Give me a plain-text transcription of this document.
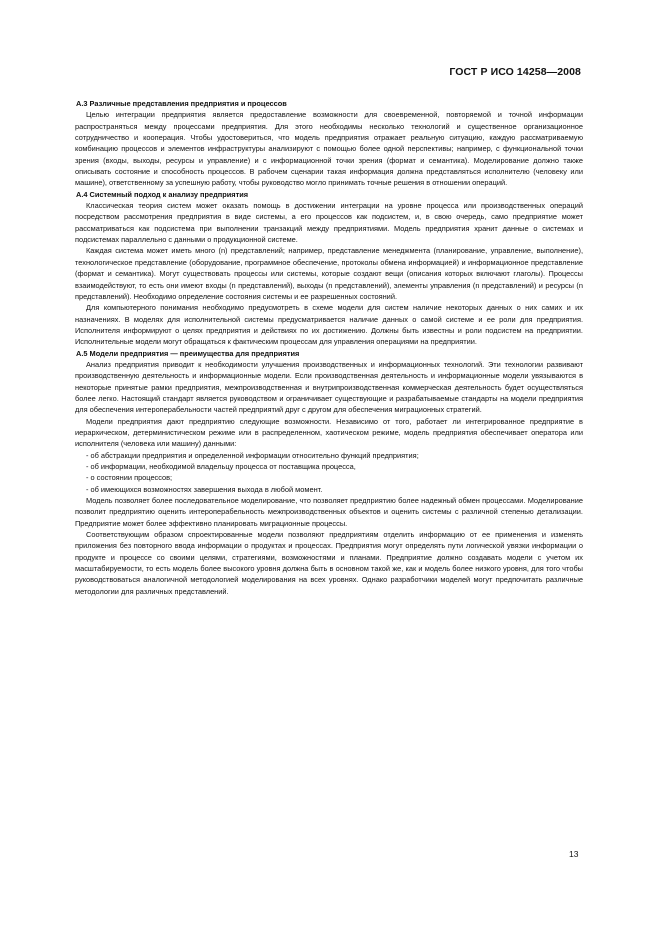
ГОСТ Р ИСО 14258—2008
А.3 Различные представления предприятия и процессов

Целью интеграции предприятия является предоставление возможности для своевременной, повторяемой и точной информации распространяться между процессами предприятия. Для этого необходимы несколько технологий и существенное организационное сотрудничество и кооперация. Чтобы удостовериться, что модель предприятия отражает реальную ситуацию, каждую рассматриваемую комбинацию процессов и элементов инфраструктуры анализируют с помощью более одной перспективы; например, с функциональной точки зрения (входы, выходы, ресурсы и управление) и с информационной точки зрения (формат и семантика). Моделирование должно также описывать состояние и способность процессов. В рабочем сценарии такая информация должна представляться исполнителю (человеку или машине), ответственному за успешную работу, чтобы руководство могло принимать точные решения в отношении операций.

А.4 Системный подход к анализу предприятия

Классическая теория систем может оказать помощь в достижении интеграции на уровне процесса или производственных операций посредством рассмотрения предприятия в виде системы, а его процессов как подсистем, и, в свою очередь, само предприятие может рассматриваться как подсистема при выполнении транзакций между предприятиями. Модель предприятия хранит данные о системах и подсистемах параллельно с данными о продукционной системе.

Каждая система может иметь много (n) представлений; например, представление менеджмента (планирование, управление, выполнение), технологическое представление (оборудование, программное обеспечение, протоколы обмена информацией) и информационное представление (формат и семантика). Могут существовать процессы или системы, которые создают вещи (описания которых включают глаголы). Процессы взаимодействуют, то есть они имеют входы (n представлений), выходы (n представлений), элементы управления (n представлений) и ресурсы (n представлений). Необходимо определение состояния системы и ее разрешенных состояний.

Для компьютерного понимания необходимо предусмотреть в схеме модели для систем наличие некоторых данных о них самих и их назначениях. В моделях для исполнительной системы предусматривается наличие данных о самой системе и ее роли для предприятия. Исполнителя информируют о целях предприятия и действиях по их достижению. Должны быть известны и роли подсистем на предприятии. Исполнительные модели могут обращаться к фактическим процессам для управления операциями на предприятии.

А.5 Модели предприятия — преимущества для предприятия

Анализ предприятия приводит к необходимости улучшения производственных и информационных технологий. Эти технологии развивают производственную деятельность и информационные модели. Если производственная деятельность и информационные модели увязываются в некоторые принятые рамки предприятия, межпроизводственная и внутрипроизводственная коммерческая деятельность будет осуществляться более легко. Настоящий стандарт является руководством и ограничивает существующие и разрабатываемые стандарты на модели предприятия для обеспечения интероперабельности частей предприятий друг с другом для обеспечения миграционных стратегий.

Модели предприятия дают предприятию следующие возможности. Независимо от того, работает ли интегрированное предприятие в иерархическом, детерминистическом режиме или в распределенном, хаотическом режиме, модель предприятия обеспечивает оператора или исполнителя (человека или машину) данными:

- об абстракции предприятия и определенной информации относительно функций предприятия;
- об информации, необходимой владельцу процесса от поставщика процесса,
- о состоянии процессов;
- об имеющихся возможностях завершения выхода в любой момент.

Модель позволяет более последовательное моделирование, что позволяет предприятию более надежный обмен процессами. Моделирование позволит предприятию оценить интероперабельность межпроизводственных объектов и оценить системы с различной степенью детализации. Предприятие может более эффективно планировать миграционные процессы.

Соответствующим образом спроектированные модели позволяют предприятиям отделить информацию от ее применения и изменять приложения без повторного ввода информации о продуктах и процессах. Предприятия могут определять пути логической увязки информации о продукте и процессе со своими целями, стратегиями, возможностями и планами. Предприятие должно создавать модели с учетом их масштабируемости, то есть модель более высокого уровня должна быть в основном такой же, как и модель более низкого уровня, для того чтобы руководствоваться аналогичной методологией моделирования на всех уровнях. Однако разработчики моделей могут предпочитать различные методологии для различных представлений.

13
